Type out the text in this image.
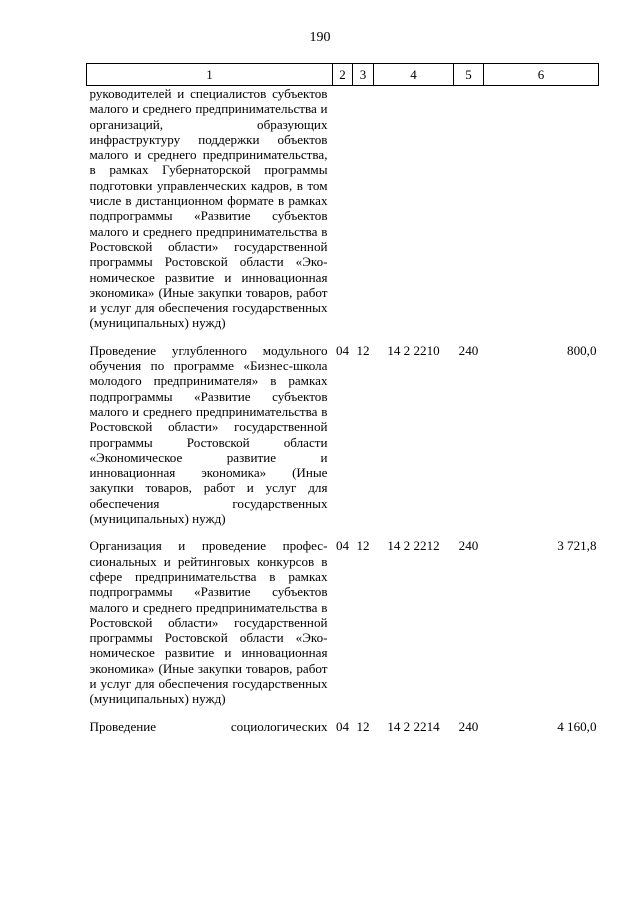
190
1	2	3	4	5	6
руководителей и специалистов субъектов малого и среднего предпринимательства и организаций, образующих инфраструктуру поддержки объектов малого и среднего предпринимательства, в рамках Губернаторской программы подготовки управленческих кадров, в том числе в дистанционном формате в рамках подпрограммы «Развитие субъектов малого и среднего предпринимательства в Ростовской области» государственной программы Ростовской области «Экономическое развитие и инновaционная экономика» (Иные закупки товаров, работ и услуг для обеспечения государственных (муниципальных) нужд)					

Проведение углубленного модульного обучения по программе «Бизнес-школа молодого предпринимателя» в рамках подпрограммы «Развитие субъектов малого и среднего предпринимательства в Ростовской области» государственной программы Ростовской области «Экономическое развитие и инновационная экономика» (Иные закупки товаров, работ и услуг для обеспечения государственных (муниципальных) нужд)	04	12	14 2 2210	240	800,0

Организация и проведение профессиональных и рейтинговых конкурсов в сфере предпринимательства в рамках подпрограммы «Развитие субъектов малого и среднего предпринимательства в Ростовской области» государственной программы Ростовской области «Экономическое развитие и инновaционная экономика» (Иные закупки товаров, работ и услуг для обеспечения государственных (муниципальных) нужд)	04	12	14 2 2212	240	3 721,8

Проведение социологических	04	12	14 2 2214	240	4 160,0
